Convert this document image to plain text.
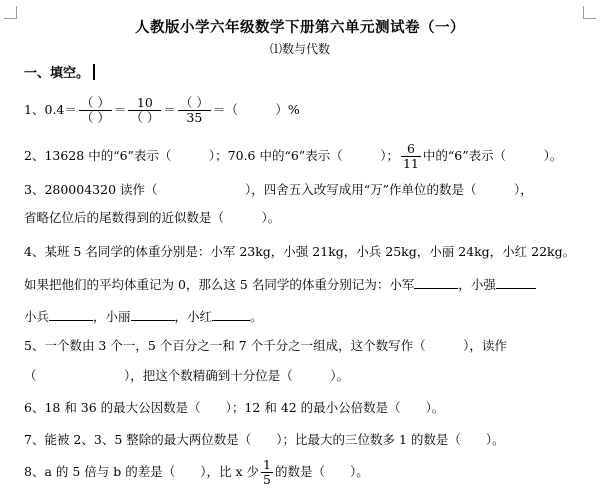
人教版小学六年级数学下册第六单元测试卷（一）
⑴数与代数
一、填空。
1、$0.4= \frac{( )}{( )} = \frac{10}{( )} = \frac{( )}{35}$ ＝（　　　）%
2、13628 中的“6”表示（　　　）；70.6 中的“6”表示（　　　）； $\frac{6}{11}$ 中的“6”表示（　　　）。
3、280004320 读作（　　　　　　　），四舍五入改写成用“万”作单位的数是（　　　），
省略亿位后的尾数得到的近似数是（　　　）。
4、某班 5 名同学的体重分别是：小军 23kg，小强 21kg，小兵 25kg，小丽 24kg，小红 22kg。
如果把他们的平均体重记为 0，那么这 5 名同学的体重分别记为：小军	，小强
小兵	，小丽	，小红	。
5、一个数由 3 个一，5 个百分之一和 7 个千分之一组成，这个数写作（　　　），读作
（　　　　　　　），把这个数精确到十分位是（　　　）。
6、18 和 36 的最大公因数是（　　）；12 和 42 的最小公倍数是（　　）。
7、能被 2、3、5 整除的最大两位数是（　　）；比最大的三位数多 1 的数是（　　）。
8、a 的 5 倍与 b 的差是（　　），比 x 少 $\frac{1}{5}$ 的数是（　　）。
